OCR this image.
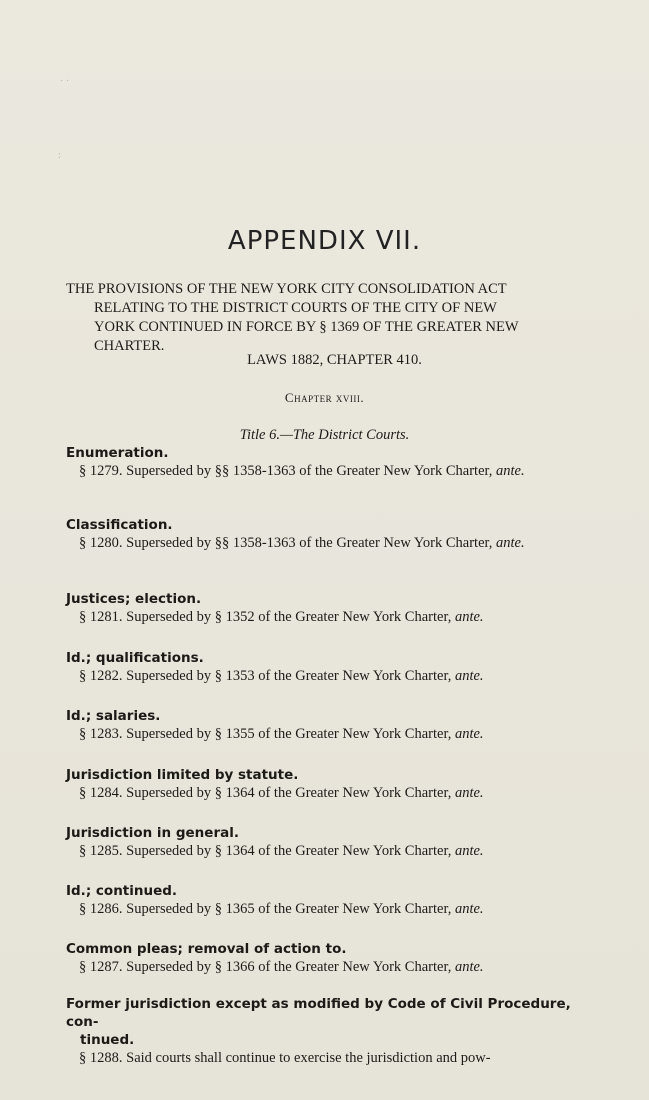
· ·
:
APPENDIX VII.
THE PROVISIONS OF THE NEW YORK CITY CONSOLIDATION ACT
RELATING TO THE DISTRICT COURTS OF THE CITY OF NEW
YORK CONTINUED IN FORCE BY § 1369 OF THE GREATER NEW
CHARTER.
LAWS 1882, CHAPTER 410.
Chapter xviii.
Title 6.—The District Courts.
Enumeration.
§ 1279. Superseded by §§ 1358-1363 of the Greater New York Charter, ante.
Classification.
§ 1280. Superseded by §§ 1358-1363 of the Greater New York Charter, ante.
Justices; election.
§ 1281. Superseded by § 1352 of the Greater New York Charter, ante.
Id.; qualifications.
§ 1282. Superseded by § 1353 of the Greater New York Charter, ante.
Id.; salaries.
§ 1283. Superseded by § 1355 of the Greater New York Charter, ante.
Jurisdiction limited by statute.
§ 1284. Superseded by § 1364 of the Greater New York Charter, ante.
Jurisdiction in general.
§ 1285. Superseded by § 1364 of the Greater New York Charter, ante.
Id.; continued.
§ 1286. Superseded by § 1365 of the Greater New York Charter, ante.
Common pleas; removal of action to.
§ 1287. Superseded by § 1366 of the Greater New York Charter, ante.
Former jurisdiction except as modified by Code of Civil Procedure, con-
tinued.
§ 1288. Said courts shall continue to exercise the jurisdiction and pow-
